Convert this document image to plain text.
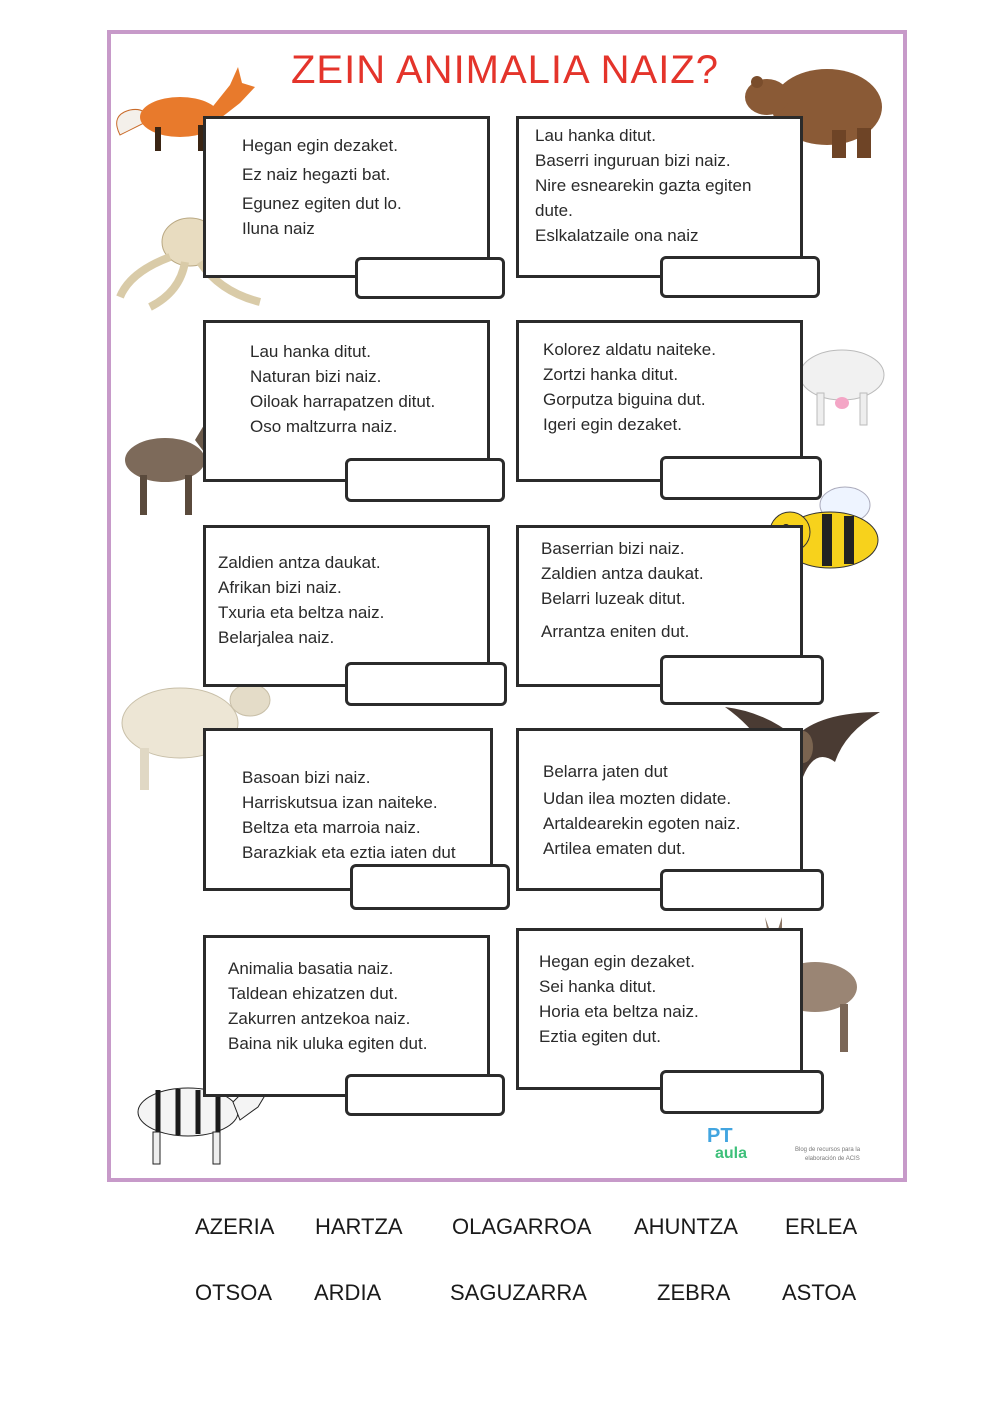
ZEIN ANIMALIA NAIZ?
Hegan egin dezaket.
Ez naiz hegazti bat.
Egunez egiten dut lo.
Iluna naiz
Lau hanka ditut.
Baserri inguruan bizi naiz.
Nire esnearekin gazta egiten
dute.
Eslkalatzaile ona naiz
Lau hanka ditut.
Naturan bizi naiz.
Oiloak harrapatzen ditut.
Oso maltzurra naiz.
Kolorez aldatu naiteke.
Zortzi hanka ditut.
Gorputza biguina dut.
Igeri egin dezaket.
Zaldien antza daukat.
Afrikan bizi naiz.
Txuria eta beltza naiz.
Belarjalea naiz.
Baserrian bizi naiz.
Zaldien antza daukat.
Belarri luzeak ditut.
Arrantza eniten dut.
Basoan bizi naiz.
Harriskutsua izan naiteke.
Beltza eta marroia naiz.
Barazkiak eta eztia iaten dut
Belarra jaten dut
Udan ilea mozten didate.
Artaldearekin egoten naiz.
Artilea ematen dut.
Animalia basatia naiz.
Taldean ehizatzen dut.
Zakurren antzekoa naiz.
Baina nik uluka egiten dut.
Hegan egin dezaket.
Sei hanka ditut.
Horia eta beltza naiz.
Eztia egiten dut.
PT
aula	Blog de recursos para la
elaboración de ACIS
AZERIA HARTZA OLAGARROA AHUNTZA ERLEA
OTSOA ARDIA	SAGUZARRA	ZEBRA ASTOA
